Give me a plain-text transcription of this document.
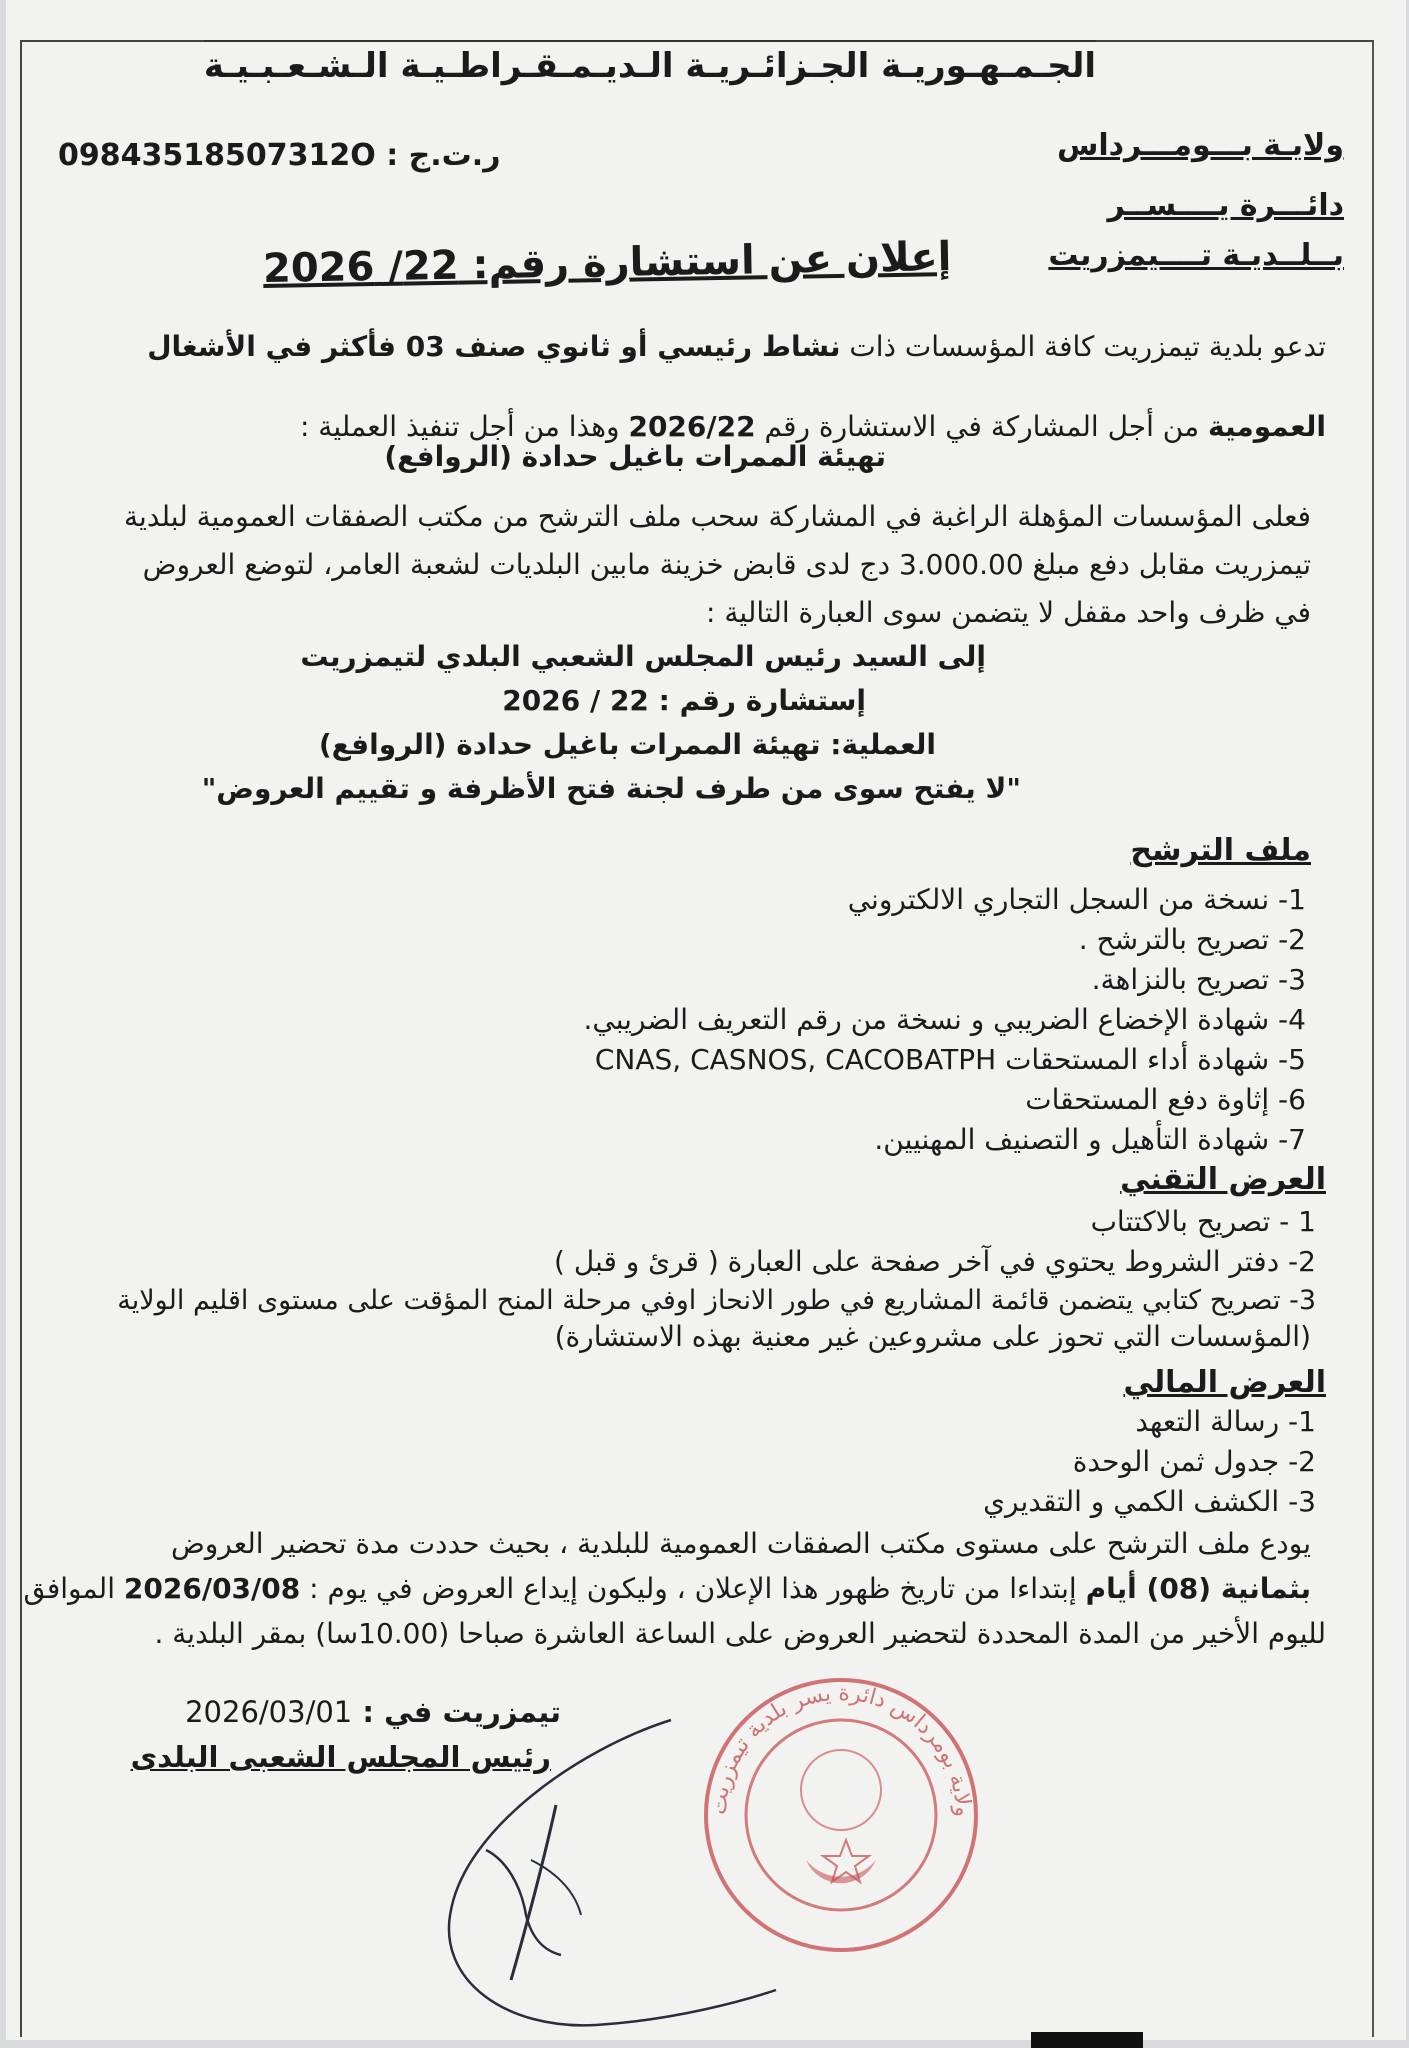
الجـمـهـوريـة الجـزائـريـة الـديـمـقـراطـيـة الـشـعـبـيـة
ولايـة بـــومـــرداس
دائـــرة يــــســر
بــلــديـة تــــيمزريت
ر.ت.ج : 09843518507312O
إعلان عن استشارة رقم: 22/ 2026
تدعو بلدية تيمزريت كافة المؤسسات ذات نشاط رئيسي أو ثانوي صنف 03 فأكثر في الأشغال
العمومية من أجل المشاركة في الاستشارة رقم 2026/22 وهذا من أجل تنفيذ العملية :
تهيئة الممرات باغيل حدادة (الروافع)
فعلى المؤسسات المؤهلة الراغبة في المشاركة سحب ملف الترشح من مكتب الصفقات العمومية لبلدية
تيمزريت مقابل دفع مبلغ 3.000.00 دج لدى قابض خزينة مابين البلديات لشعبة العامر، لتوضع العروض
في ظرف واحد مقفل لا يتضمن سوى العبارة التالية :
إلى السيد رئيس المجلس الشعبي البلدي لتيمزريت
إستشارة رقم : 22 / 2026
العملية: تهيئة الممرات باغيل حدادة (الروافع)
"لا يفتح سوى من طرف لجنة فتح الأظرفة و تقييم العروض"
ملف الترشح
1- نسخة من السجل التجاري الالكتروني
2- تصريح بالترشح .
3- تصريح بالنزاهة.
4- شهادة الإخضاع الضريبي و نسخة من رقم التعريف الضريبي.
5- شهادة أداء المستحقات CNAS, CASNOS, CACOBATPH
6- إثاوة دفع المستحقات
7- شهادة التأهيل و التصنيف المهنيين.
العرض التقني
1 - تصريح بالاكتتاب
2- دفتر الشروط يحتوي في آخر صفحة على العبارة ( قرئ و قبل )
3- تصريح كتابي يتضمن قائمة المشاريع في طور الانحاز اوفي مرحلة المنح المؤقت على مستوى اقليم الولاية
(المؤسسات التي تحوز على مشروعين غير معنية بهذه الاستشارة)
العرض المالي
1- رسالة التعهد
2- جدول ثمن الوحدة
3- الكشف الكمي و التقديري
يودع ملف الترشح على مستوى مكتب الصفقات العمومية للبلدية ، بحيث حددت مدة تحضير العروض
بثمانية (08) أيام إبتداءا من تاريخ ظهور هذا الإعلان ، وليكون إيداع العروض في يوم : 2026/03/08 الموافق
لليوم الأخير من المدة المحددة لتحضير العروض على الساعة العاشرة صباحا (10.00سا) بمقر البلدية .
تيمزريت في : 2026/03/01
رئيس المجلس الشعبى البلدى
ولاية بومرداس دائرة يسر بلدية تيمزريت
